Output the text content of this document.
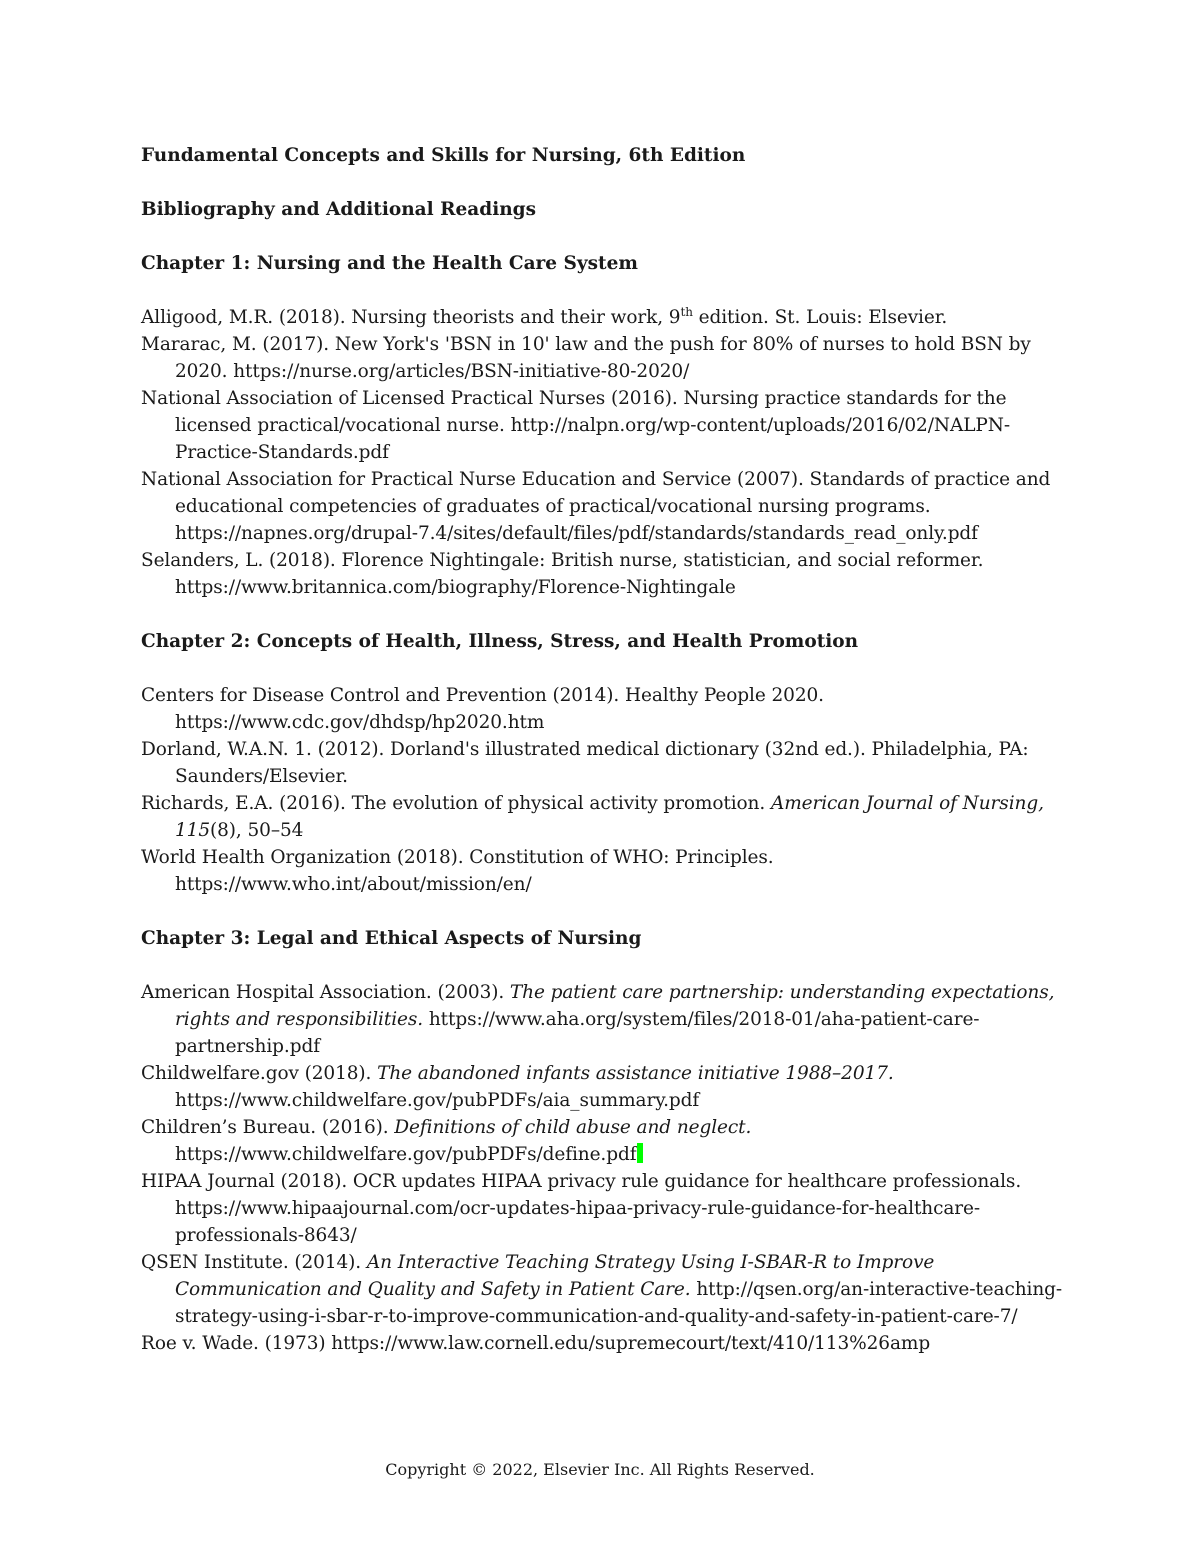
Fundamental Concepts and Skills for Nursing, 6th Edition

Bibliography and Additional Readings

Chapter 1: Nursing and the Health Care System

Alligood, M.R. (2018). Nursing theorists and their work, 9th edition. St. Louis: Elsevier.

Mararac, M. (2017). New York's 'BSN in 10' law and the push for 80% of nurses to hold BSN by 2020. https://nurse.org/articles/BSN-initiative-80-2020/

National Association of Licensed Practical Nurses (2016). Nursing practice standards for the licensed practical/vocational nurse. http://nalpn.org/wp-content/uploads/2016/02/NALPN-Practice-Standards.pdf

National Association for Practical Nurse Education and Service (2007). Standards of practice and educational competencies of graduates of practical/vocational nursing programs. https://napnes.org/drupal-7.4/sites/default/files/pdf/standards/standards_read_only.pdf

Selanders, L. (2018). Florence Nightingale: British nurse, statistician, and social reformer. https://www.britannica.com/biography/Florence-Nightingale

Chapter 2: Concepts of Health, Illness, Stress, and Health Promotion

Centers for Disease Control and Prevention (2014). Healthy People 2020. https://www.cdc.gov/dhdsp/hp2020.htm

Dorland, W.A.N. 1. (2012). Dorland's illustrated medical dictionary (32nd ed.). Philadelphia, PA: Saunders/Elsevier.

Richards, E.A. (2016). The evolution of physical activity promotion. American Journal of Nursing, 115(8), 50–54

World Health Organization (2018). Constitution of WHO: Principles. https://www.who.int/about/mission/en/

Chapter 3: Legal and Ethical Aspects of Nursing

American Hospital Association. (2003). The patient care partnership: understanding expectations, rights and responsibilities. https://www.aha.org/system/files/2018-01/aha-patient-care-partnership.pdf

Childwelfare.gov (2018). The abandoned infants assistance initiative 1988–2017. https://www.childwelfare.gov/pubPDFs/aia_summary.pdf

Children’s Bureau. (2016). Definitions of child abuse and neglect. https://www.childwelfare.gov/pubPDFs/define.pdf

HIPAA Journal (2018). OCR updates HIPAA privacy rule guidance for healthcare professionals. https://www.hipaajournal.com/ocr-updates-hipaa-privacy-rule-guidance-for-healthcare-professionals-8643/

QSEN Institute. (2014). An Interactive Teaching Strategy Using I-SBAR-R to Improve Communication and Quality and Safety in Patient Care. http://qsen.org/an-interactive-teaching-strategy-using-i-sbar-r-to-improve-communication-and-quality-and-safety-in-patient-care-7/

Roe v. Wade. (1973) https://www.law.cornell.edu/supremecourt/text/410/113%26amp

Copyright © 2022, Elsevier Inc. All Rights Reserved.
